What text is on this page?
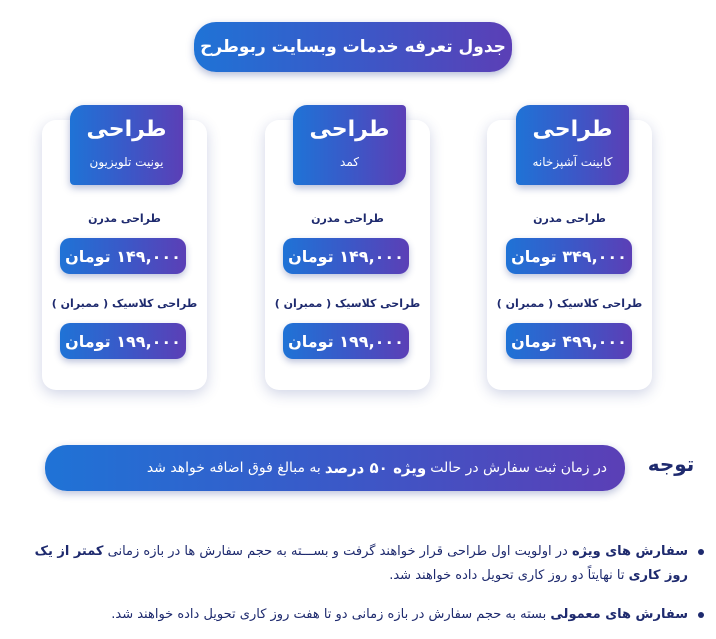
جدول تعرفه خدمات وبسایت ربوطرح
طراحی
کابینت آشپزخانه
طراحی مدرن
۳۴۹,۰۰۰ تومان
طراحی کلاسیک ( ممبران )
۴۹۹,۰۰۰ تومان
طراحی
کمد
طراحی مدرن
۱۴۹,۰۰۰ تومان
طراحی کلاسیک ( ممبران )
۱۹۹,۰۰۰ تومان
طراحی
یونیت تلویزیون
طراحی مدرن
۱۴۹,۰۰۰ تومان
طراحی کلاسیک ( ممبران )
۱۹۹,۰۰۰ تومان
توجه
در زمان ثبت سفارش در حالت
ویژه ۵۰ درصد
به مبالغ فوق اضافه خواهد شد
سفارش های ویژه در اولویت اول طراحی قرار خواهند گرفت و بســـته به حجم سفارش ها در بازه زمانی کمتر از یک روز کاری تا نهایتاً دو روز کاری تحویل داده خواهند شد.
سفارش های معمولی بسته به حجم سفارش در بازه زمانی دو تا هفت روز کاری تحویل داده خواهند شد.
